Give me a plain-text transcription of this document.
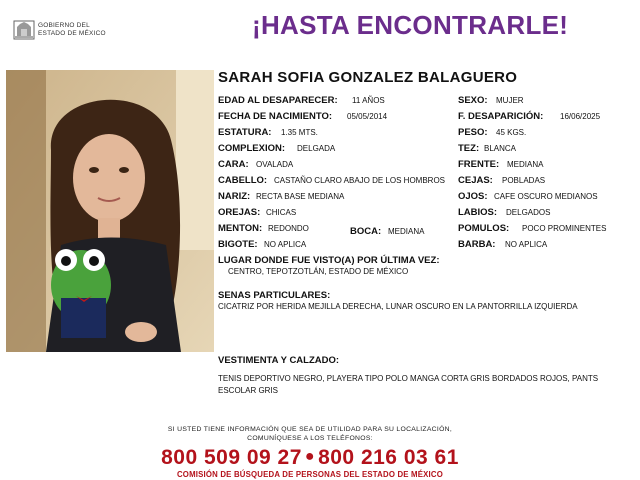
GOBIERNO DEL
ESTADO DE MÉXICO	¡HASTA ENCONTRARLE!
SARAH SOFIA GONZALEZ BALAGUERO
EDAD AL DESAPARECER: 11 AÑOS
FECHA DE NACIMIENTO: 05/05/2014
ESTATURA: 1.35 MTS.
COMPLEXION: DELGADA
CARA: OVALADA
CABELLO: CASTAÑO CLARO ABAJO DE LOS HOMBROS
NARIZ: RECTA BASE MEDIANA
OREJAS: CHICAS
MENTON: REDONDO	BOCA: MEDIANA
BIGOTE: NO APLICA
SEXO: MUJER
F. DESAPARICIÓN: 16/06/2025
PESO: 45 KGS.
TEZ: BLANCA
FRENTE: MEDIANA
CEJAS: POBLADAS
OJOS: CAFE OSCURO MEDIANOS
LABIOS: DELGADOS
POMULOS: POCO PROMINENTES
BARBA: NO APLICA
LUGAR DONDE FUE VISTO(A) POR ÚLTIMA VEZ:
CENTRO, TEPOTZOTLÁN, ESTADO DE MÉXICO
SENAS PARTICULARES:
CICATRIZ POR HERIDA MEJILLA DERECHA, LUNAR OSCURO EN LA PANTORRILLA IZQUIERDA
VESTIMENTA Y CALZADO:
TENIS DEPORTIVO NEGRO, PLAYERA TIPO POLO MANGA CORTA GRIS BORDADOS ROJOS, PANTS ESCOLAR GRIS
SI USTED TIENE INFORMACIÓN QUE SEA DE UTILIDAD PARA SU LOCALIZACIÓN,
COMUNÍQUESE A LOS TELÉFONOS:
800 509 09 27 ● 800 216 03 61
COMISIÓN DE BÚSQUEDA DE PERSONAS DEL ESTADO DE MÉXICO
